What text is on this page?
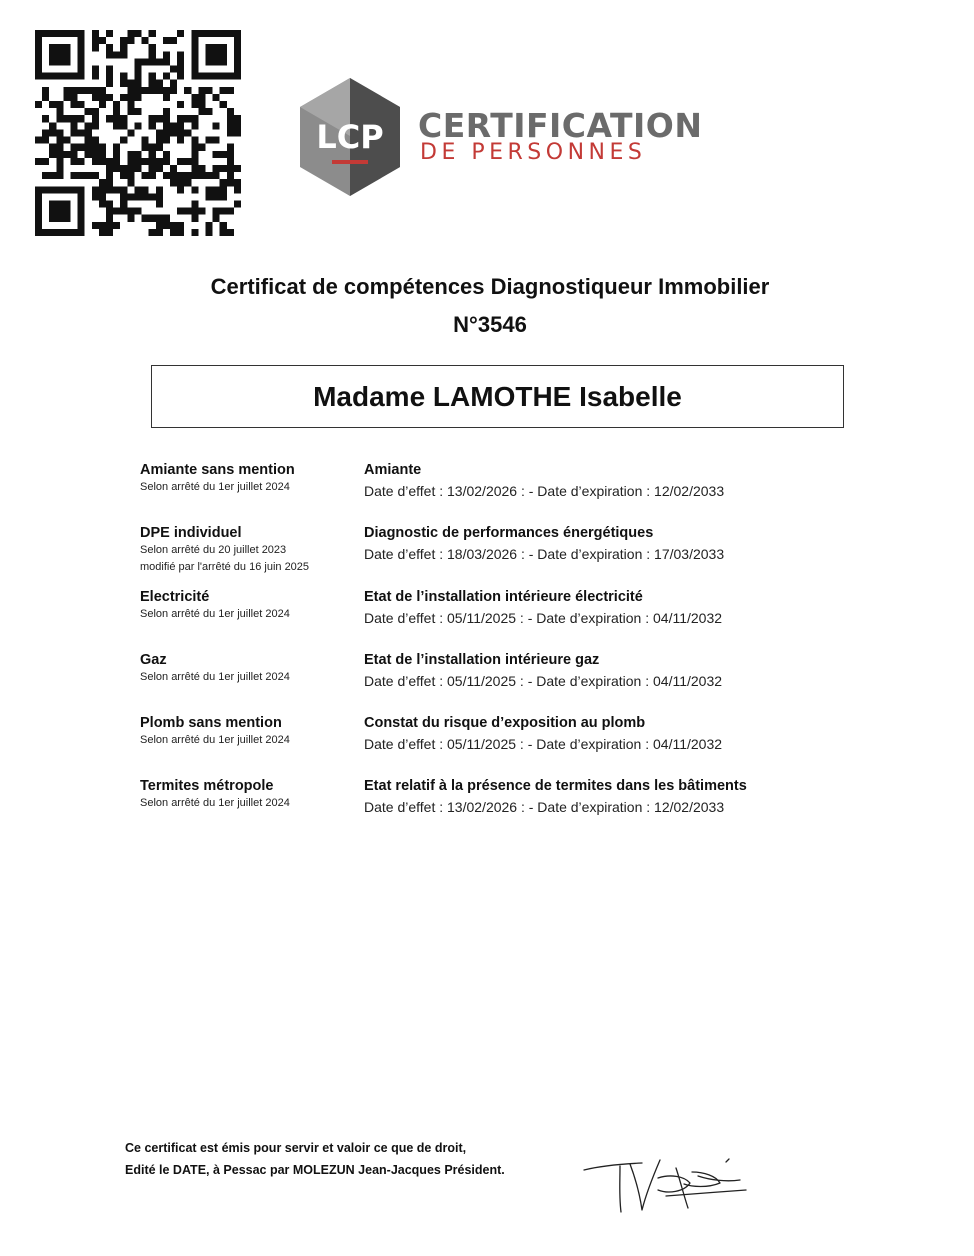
LCP CERTIFICATION
DE PERSONNES
Certificat de compétences Diagnostiqueur Immobilier
N°3546
Madame LAMOTHE Isabelle
Amiante sans mention
Selon arrêté du 1er juillet 2024
Amiante
Date d’effet : 13/02/2026 : - Date d’expiration : 12/02/2033
DPE individuel
Selon arrêté du 20 juillet 2023
modifié par l'arrêté du 16 juin 2025
Diagnostic de performances énergétiques
Date d’effet : 18/03/2026 : - Date d’expiration : 17/03/2033
Electricité
Selon arrêté du 1er juillet 2024
Etat de l’installation intérieure électricité
Date d’effet : 05/11/2025 : - Date d’expiration : 04/11/2032
Gaz
Selon arrêté du 1er juillet 2024
Etat de l’installation intérieure gaz
Date d’effet : 05/11/2025 : - Date d’expiration : 04/11/2032
Plomb sans mention
Selon arrêté du 1er juillet 2024
Constat du risque d’exposition au plomb
Date d’effet : 05/11/2025 : - Date d’expiration : 04/11/2032
Termites métropole
Selon arrêté du 1er juillet 2024
Etat relatif à la présence de termites dans les bâtiments
Date d’effet : 13/02/2026 : - Date d’expiration : 12/02/2033
Ce certificat est émis pour servir et valoir ce que de droit,
Edité le DATE, à Pessac par MOLEZUN Jean-Jacques Président.
